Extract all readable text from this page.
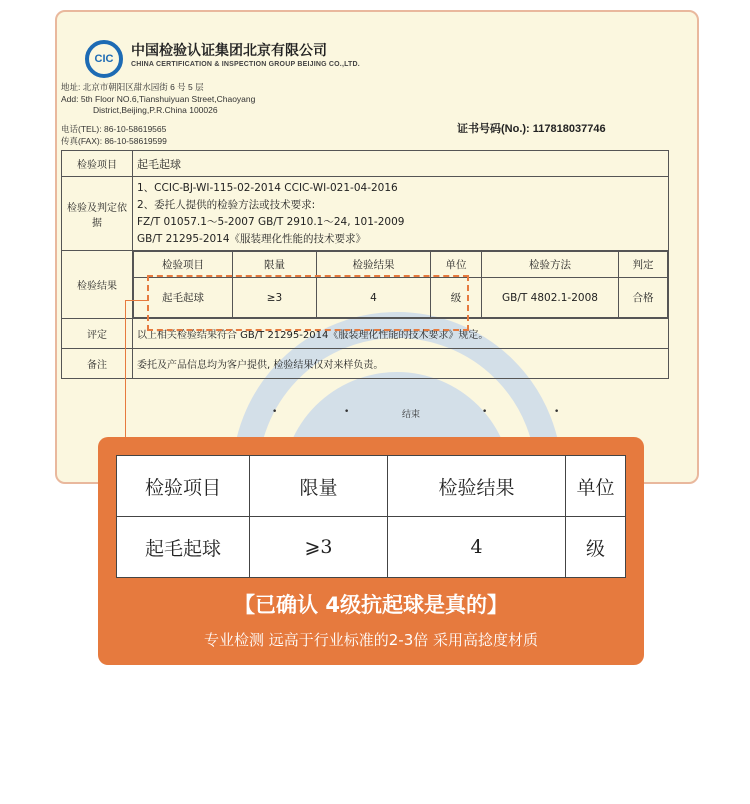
CIC	中国检验认证集团北京有限公司
CHINA CERTIFICATION & INSPECTION GROUP BEIJING CO.,LTD.
地址: 北京市朝阳区甜水园街 6 号 5 层
Add: 5th Floor NO.6,Tianshuiyuan Street,Chaoyang
District,Beijing,P.R.China 100026
电话(TEL): 86-10-58619565
传真(FAX): 86-10-58619599
证书号码(No.): 117818037746
检验项目	起毛起球
检验及判定依据	
1、CCIC-BJ-WI-115-02-2014 CCIC-WI-021-04-2016
2、委托人提供的检验方法或技术要求:
FZ/T 01057.1～5-2007 GB/T 2910.1～24, 101-2009
GB/T 21295-2014《服装理化性能的技术要求》

检验结果	
检验项目	限量	检验结果	单位	检验方法	判定
起毛起球	≥3	4	级	GB/T 4802.1-2008	合格

评定	以上相关检验结果符合 GB/T 21295-2014《服装理化性能的技术要求》规定。
备注	委托及产品信息均为客户提供, 检验结果仅对来样负责。
•	•	结束	•	•
检验项目	限量	检验结果	单位
起毛起球	⩾3	4	级
【已确认 4级抗起球是真的】
专业检测 远高于行业标准的2-3倍 采用高捻度材质
